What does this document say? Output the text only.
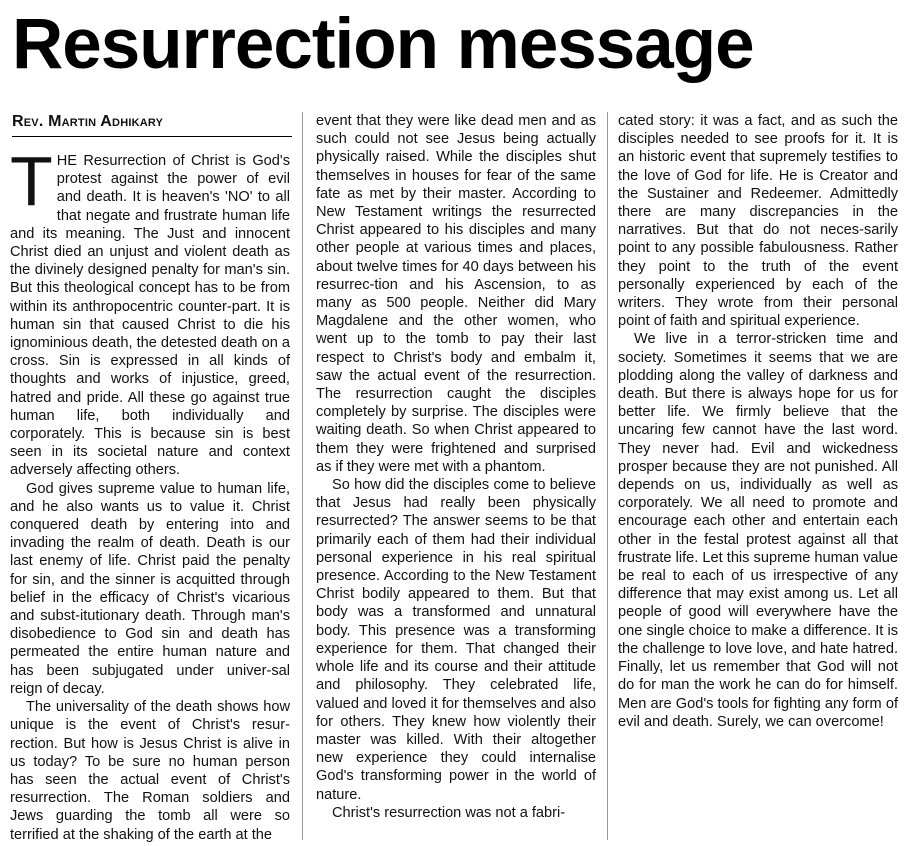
Resurrection message
Rev. Martin Adhikary

THE Resurrection of Christ is God's protest against the power of evil and death. It is heaven's 'NO' to all that negate and frustrate human life and its meaning. The Just and innocent Christ died an unjust and violent death as the divinely designed penalty for man's sin. But this theological concept has to be from within its anthropocentric counter-part. It is human sin that caused Christ to die his ignominious death, the detested death on a cross. Sin is expressed in all kinds of thoughts and works of injustice, greed, hatred and pride. All these go against true human life, both individually and corporately. This is because sin is best seen in its societal nature and context adversely affecting others.

God gives supreme value to human life, and he also wants us to value it. Christ conquered death by entering into and invading the realm of death. Death is our last enemy of life. Christ paid the penalty for sin, and the sinner is acquitted through belief in the efficacy of Christ's vicarious and subst-itutionary death. Through man's disobedience to God sin and death has permeated the entire human nature and has been subjugated under univer-sal reign of decay.

The universality of the death shows how unique is the event of Christ's resur-rection. But how is Jesus Christ is alive in us today? To be sure no human person has seen the actual event of Christ's resurrection. The Roman soldiers and Jews guarding the tomb all were so terrified at the shaking of the earth at the

event that they were like dead men and as such could not see Jesus being actually physically raised. While the disciples shut themselves in houses for fear of the same fate as met by their master. According to New Testament writings the resurrected Christ appeared to his disciples and many other people at various times and places, about twelve times for 40 days between his resurrec-tion and his Ascension, to as many as 500 people. Neither did Mary Magdalene and the other women, who went up to the tomb to pay their last respect to Christ's body and embalm it, saw the actual event of the resurrection. The resurrection caught the disciples completely by surprise. The disciples were waiting death. So when Christ appeared to them they were frightened and surprised as if they were met with a phantom.

So how did the disciples come to believe that Jesus had really been physically resurrected? The answer seems to be that primarily each of them had their individual personal experience in his real spiritual presence. According to the New Testament Christ bodily appeared to them. But that body was a transformed and unnatural body. This presence was a transforming experience for them. That changed their whole life and its course and their attitude and philosophy. They celebrated life, valued and loved it for themselves and also for others. They knew how violently their master was killed. With their altogether new experience they could internalise God's transforming power in the world of nature.

Christ's resurrection was not a fabri-

cated story: it was a fact, and as such the disciples needed to see proofs for it. It is an historic event that supremely testifies to the love of God for life. He is Creator and the Sustainer and Redeemer. Admittedly there are many discrepancies in the narratives. But that do not neces-sarily point to any possible fabulousness. Rather they point to the truth of the event personally experienced by each of the writers. They wrote from their personal point of faith and spiritual experience.

We live in a terror-stricken time and society. Sometimes it seems that we are plodding along the valley of darkness and death. But there is always hope for us for better life. We firmly believe that the uncaring few cannot have the last word. They never had. Evil and wickedness prosper because they are not punished. All depends on us, individually as well as corporately. We all need to promote and encourage each other and entertain each other in the festal protest against all that frustrate life. Let this supreme human value be real to each of us irrespective of any difference that may exist among us. Let all people of good will everywhere have the one single choice to make a difference. It is the challenge to love love, and hate hatred. Finally, let us remember that God will not do for man the work he can do for himself. Men are God's tools for fighting any form of evil and death. Surely, we can overcome!
